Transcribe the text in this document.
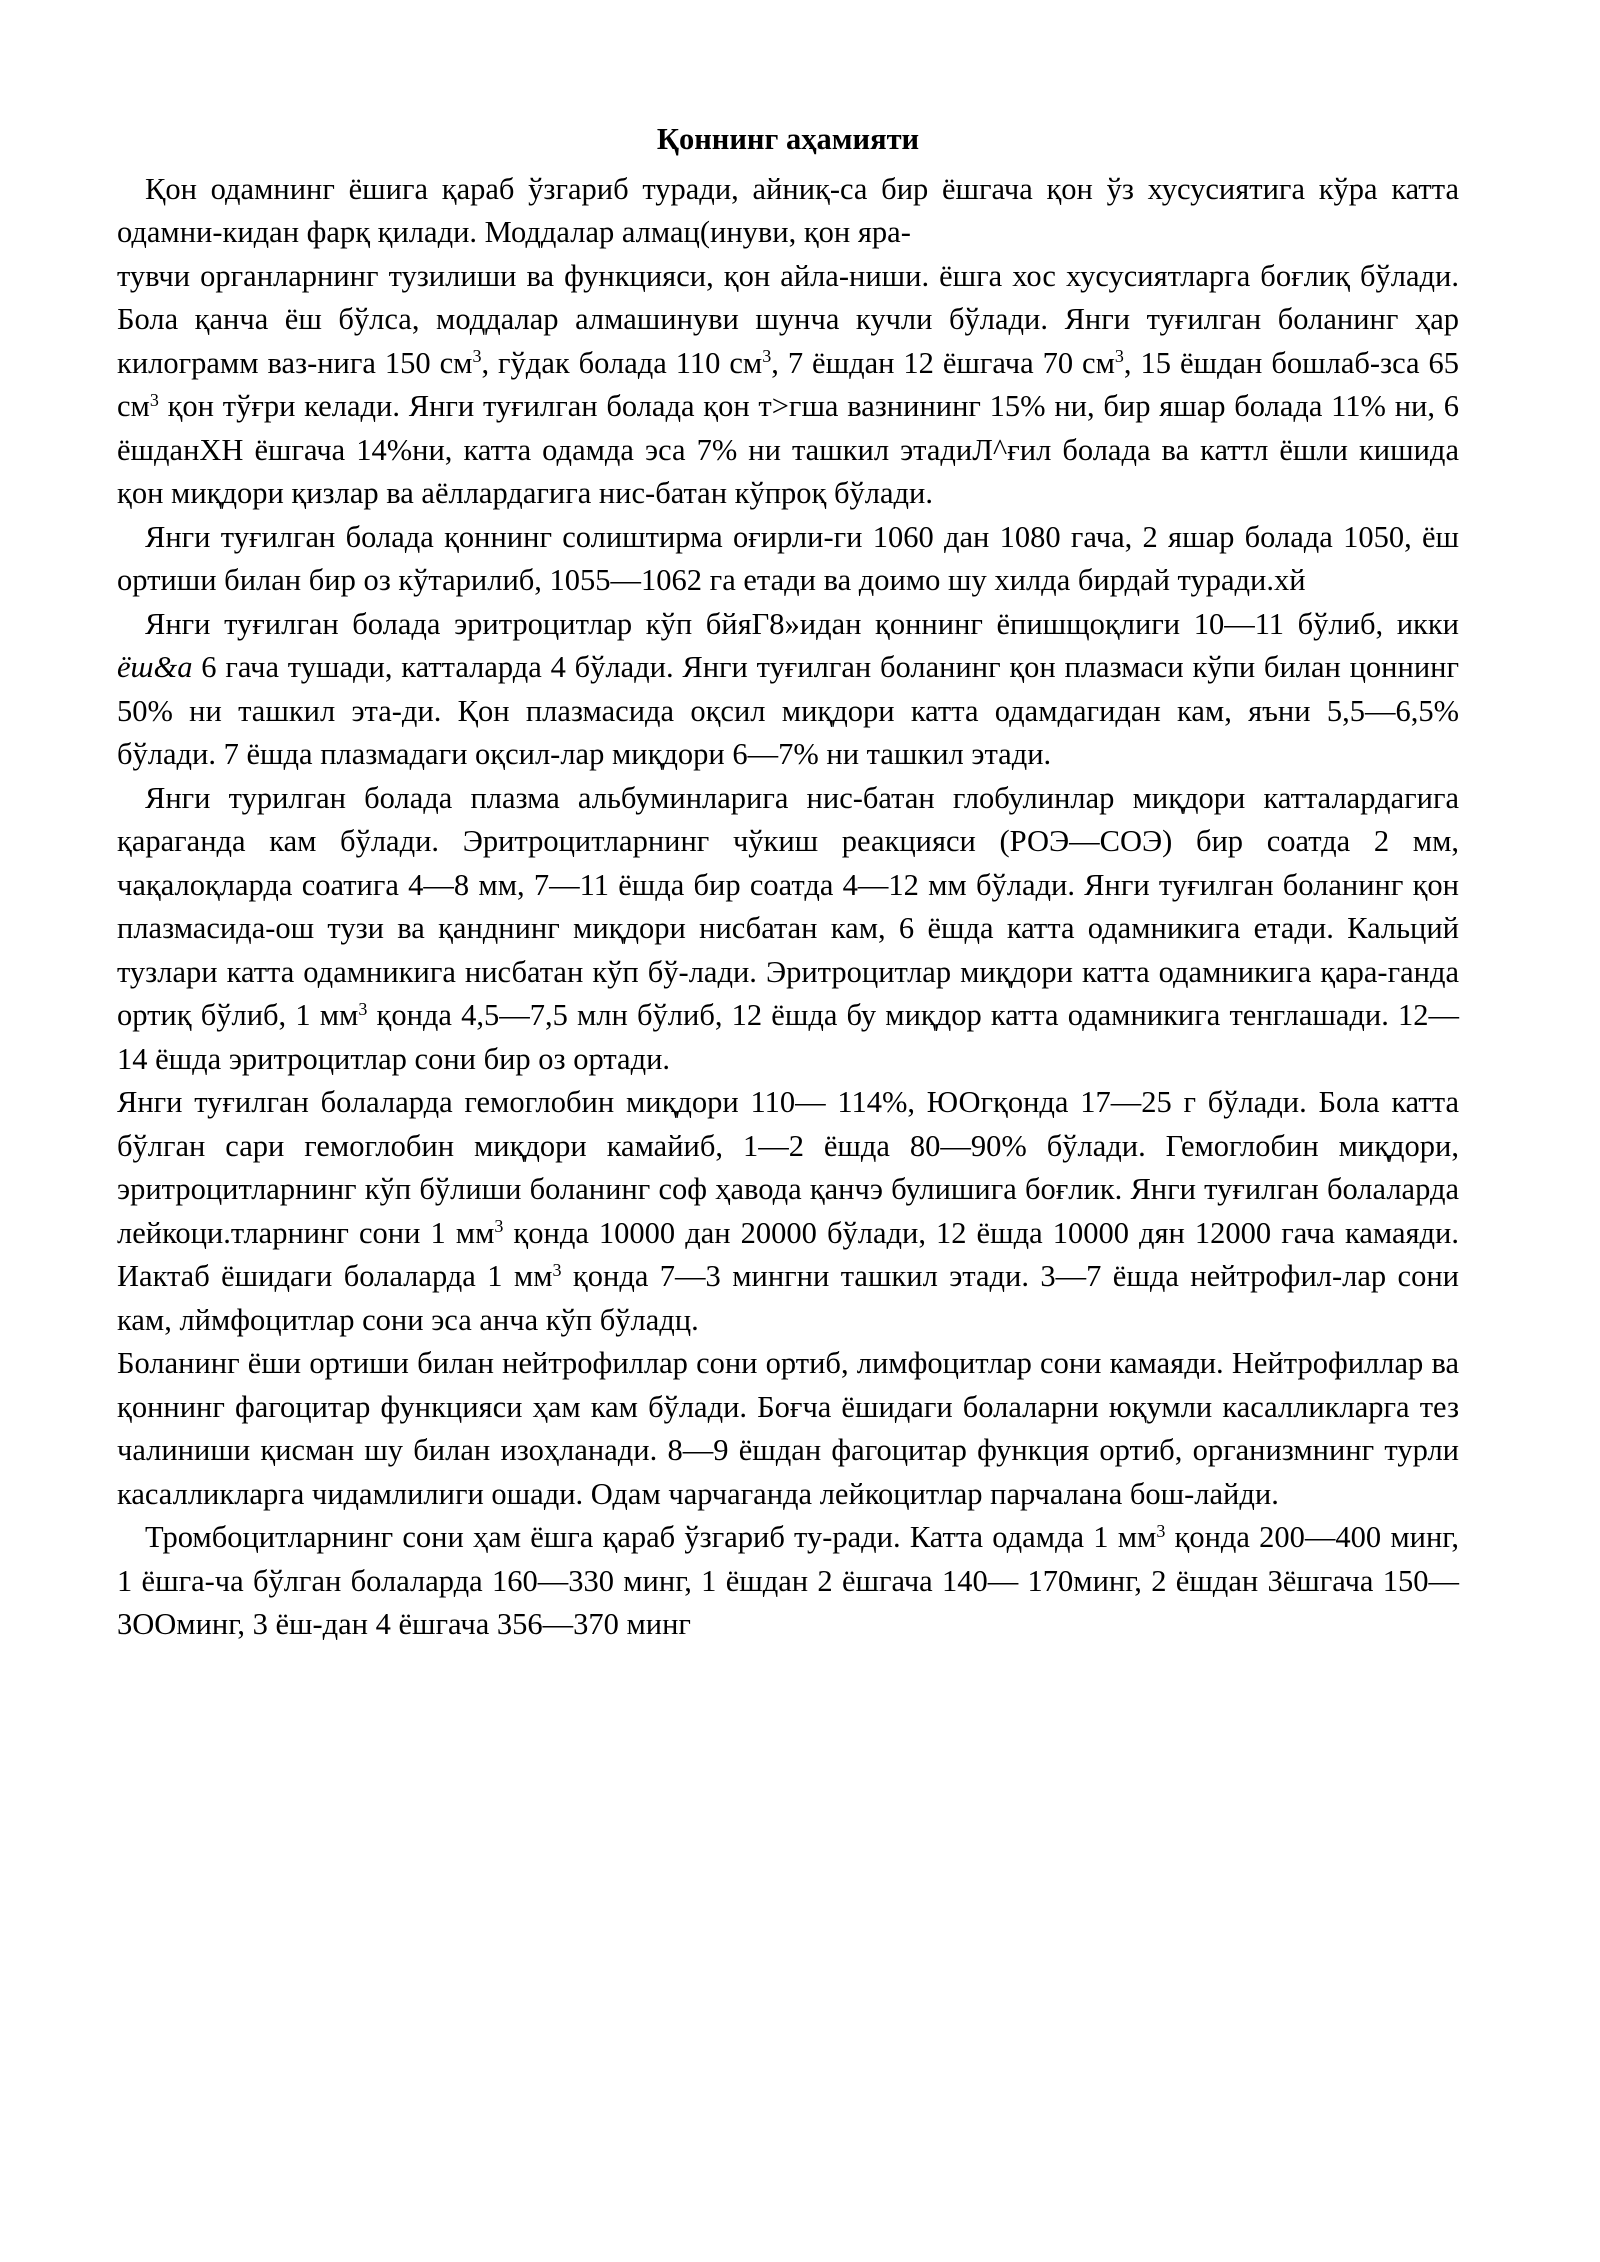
Қоннинг аҳамияти

Қон одамнинг ёшига қараб ўзгариб туради, айниқ-са бир ёшгача қон ўз хусусиятига кўра катта одамни-кидан фарқ қилади. Моддалар алмац(инуви, қон яра-

тувчи органларнинг тузилиши ва функцияси, қон айла-ниши. ёшга хос хусусиятларга боғлиқ бўлади. Бола қанча ёш бўлса, моддалар алмашинуви шунча кучли бўлади. Янги туғилган боланинг ҳар килограмм ваз-нига 150 $см^3$, гўдак болада 110 $см^3$, 7 ёшдан 12 ёшгача 70 $см^3$, 15 ёшдан бошлаб-зса 65 $см^3$ қон тўғри келади. Янги туғилган болада қон т>гша вазнининг 15% ни, бир яшар болада 11% ни, 6 ёшданХН ёшгача 14%ни, катта одамда эса 7% ни ташкил этадиЛ^ғил болада ва каттл ёшли кишида қон миқдори қизлар ва аёллардагига нис-батан кўпроқ бўлади.

Янги туғилган болада қоннинг солиштирма оғирли-ги 1060 дан 1080 гача, 2 яшар болада 1050, ёш ортиши билан бир оз кўтарилиб, 1055—1062 га етади ва доимо шу хилда бирдай туради.хй

Янги туғилган болада эритроцитлар кўп бйяГ8»идан қоннинг ёпишщоқлиги 10—11 бўлиб, икки ёш&а 6 гача тушади, катталарда 4 бўлади. Янги туғилган боланинг қон плазмаси кўпи билан цоннинг 50% ни ташкил эта-ди. Қон плазмасида оқсил миқдори катта одамдагидан кам, яъни 5,5—6,5% бўлади. 7 ёшда плазмадаги оқсил-лар миқдори 6—7% ни ташкил этади.

Янги турилган болада плазма альбуминларига нис-батан глобулинлар миқдори катталардагига қараганда кам бўлади. Эритроцитларнинг чўкиш реакцияси (РОЭ—СОЭ) бир соатда 2 мм, чақалоқларда соатига 4—8 мм, 7—11 ёшда бир соатда 4—12 мм бўлади. Янги туғилган боланинг қон плазмасида-ош тузи ва қанднинг миқдори нисбатан кам, 6 ёшда катта одамникига етади. Кальций тузлари катта одамникига нисбатан кўп бў-лади. Эритроцитлар миқдори катта одамникига қара-ганда ортиқ бўлиб, 1 $мм^3$ қонда 4,5—7,5 млн бўлиб, 12 ёшда бу миқдор катта одамникига тенглашади. 12— 14 ёшда эритроцитлар сони бир оз ортади.

Янги туғилган болаларда гемоглобин миқдори 110— 114%, ЮОгқонда 17—25 г бўлади. Бола катта бўлган сари гемоглобин миқдори камайиб, 1—2 ёшда 80—90% бўлади. Гемоглобин миқдори, эритроцитларнинг кўп бўлиши боланинг соф ҳавода қанчэ булишига боғлик. Янги туғилган болаларда лейкоци.тларнинг сони 1 $мм^3$ қонда 10000 дан 20000 бўлади, 12 ёшда 10000 дян 12000 гача камаяди. Иактаб ёшидаги болаларда 1 $мм^3$ қонда 7—3 мингни ташкил этади. 3—7 ёшда нейтрофил-лар сони кам, лймфоцитлар сони эса анча кўп бўладц.

Боланинг ёши ортиши билан нейтрофиллар сони ортиб, лимфоцитлар сони камаяди. Нейтрофиллар ва қоннинг фагоцитар функцияси ҳам кам бўлади. Боғча ёшидаги болаларни юқумли касалликларга тез чалиниши қисман шу билан изоҳланади. 8—9 ёшдан фагоцитар функция ортиб, организмнинг турли касалликларга чидамлилиги ошади. Одам чарчаганда лейкоцитлар парчалана бош-лайди.

Тромбоцитларнинг сони ҳам ёшга қараб ўзгариб ту-ради. Катта одамда 1 $мм^3$ қонда 200—400 минг, 1 ёшга-ча бўлган болаларда 160—330 минг, 1 ёшдан 2 ёшгача 140— 170минг, 2 ёшдан 3ёшгача 150—3ООминг, 3 ёш-дан 4 ёшгача 356—370 минг
